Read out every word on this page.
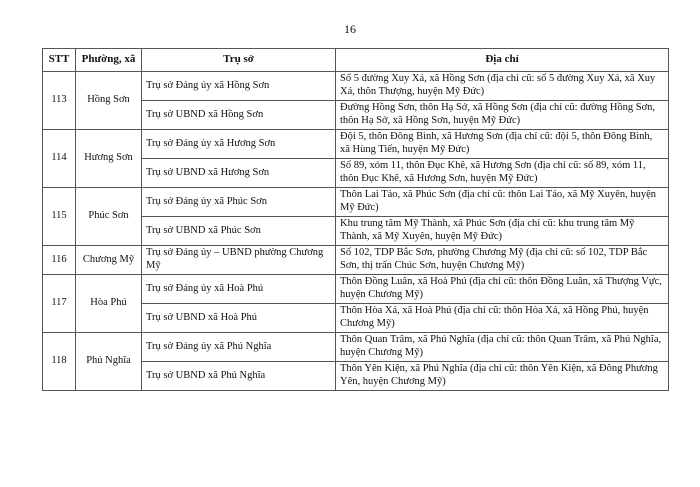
16
STT	Phường, xã	Trụ sở	Địa chỉ
113	Hồng Sơn	Trụ sở Đảng ủy xã Hồng Sơn	Số 5 đường Xuy Xá, xã Hồng Sơn (địa chỉ cũ: số 5 đường Xuy Xá, xã Xuy Xá, thôn Thượng, huyện Mỹ Đức)
		Trụ sở UBND xã Hồng Sơn	Đường Hồng Sơn, thôn Hạ Sở, xã Hồng Sơn (địa chỉ cũ: đường Hồng Sơn, thôn Hạ Sở, xã Hồng Sơn, huyện Mỹ Đức)
114	Hương Sơn	Trụ sở Đảng ủy xã Hương Sơn	Đội 5, thôn Đông Bình, xã Hương Sơn (địa chỉ cũ: đội 5, thôn Đông Bình, xã Hùng Tiến, huyện Mỹ Đức)
		Trụ sở UBND xã Hương Sơn	Số 89, xóm 11, thôn Đục Khê, xã Hương Sơn (địa chỉ cũ: số 89, xóm 11, thôn Đục Khê, xã Hương Sơn, huyện Mỹ Đức)
115	Phúc Sơn	Trụ sở Đảng ủy xã Phúc Sơn	Thôn Lai Tảo, xã Phúc Sơn (địa chỉ cũ: thôn Lai Tảo, xã Mỹ Xuyên, huyện Mỹ Đức)
		Trụ sở UBND xã Phúc Sơn	Khu trung tâm Mỹ Thành, xã Phúc Sơn (địa chỉ cũ: khu trung tâm Mỹ Thành, xã Mỹ Xuyên, huyện Mỹ Đức)
116	Chương Mỹ	Trụ sở Đảng ủy – UBND phường Chương Mỹ	Số 102, TDP Bắc Sơn, phường Chương Mỹ (địa chỉ cũ: số 102, TDP Bắc Sơn, thị trấn Chúc Sơn, huyện Chương Mỹ)
117	Hòa Phú	Trụ sở Đảng ủy xã Hoà Phú	Thôn Đồng Luân, xã Hoà Phú (địa chỉ cũ: thôn Đồng Luân, xã Thượng Vực, huyện Chương Mỹ)
		Trụ sở UBND xã Hoà Phú	Thôn Hòa Xá, xã Hoà Phú (địa chỉ cũ: thôn Hòa Xá, xã Hồng Phú, huyện Chương Mỹ)
118	Phú Nghĩa	Trụ sở Đảng ủy xã Phú Nghĩa	Thôn Quan Trâm, xã Phú Nghĩa (địa chỉ cũ: thôn Quan Trâm, xã Phú Nghĩa, huyện Chương Mỹ)
		Trụ sở UBND xã Phú Nghĩa	Thôn Yên Kiện, xã Phú Nghĩa (địa chỉ cũ: thôn Yên Kiện, xã Đông Phương Yên, huyện Chương Mỹ)
